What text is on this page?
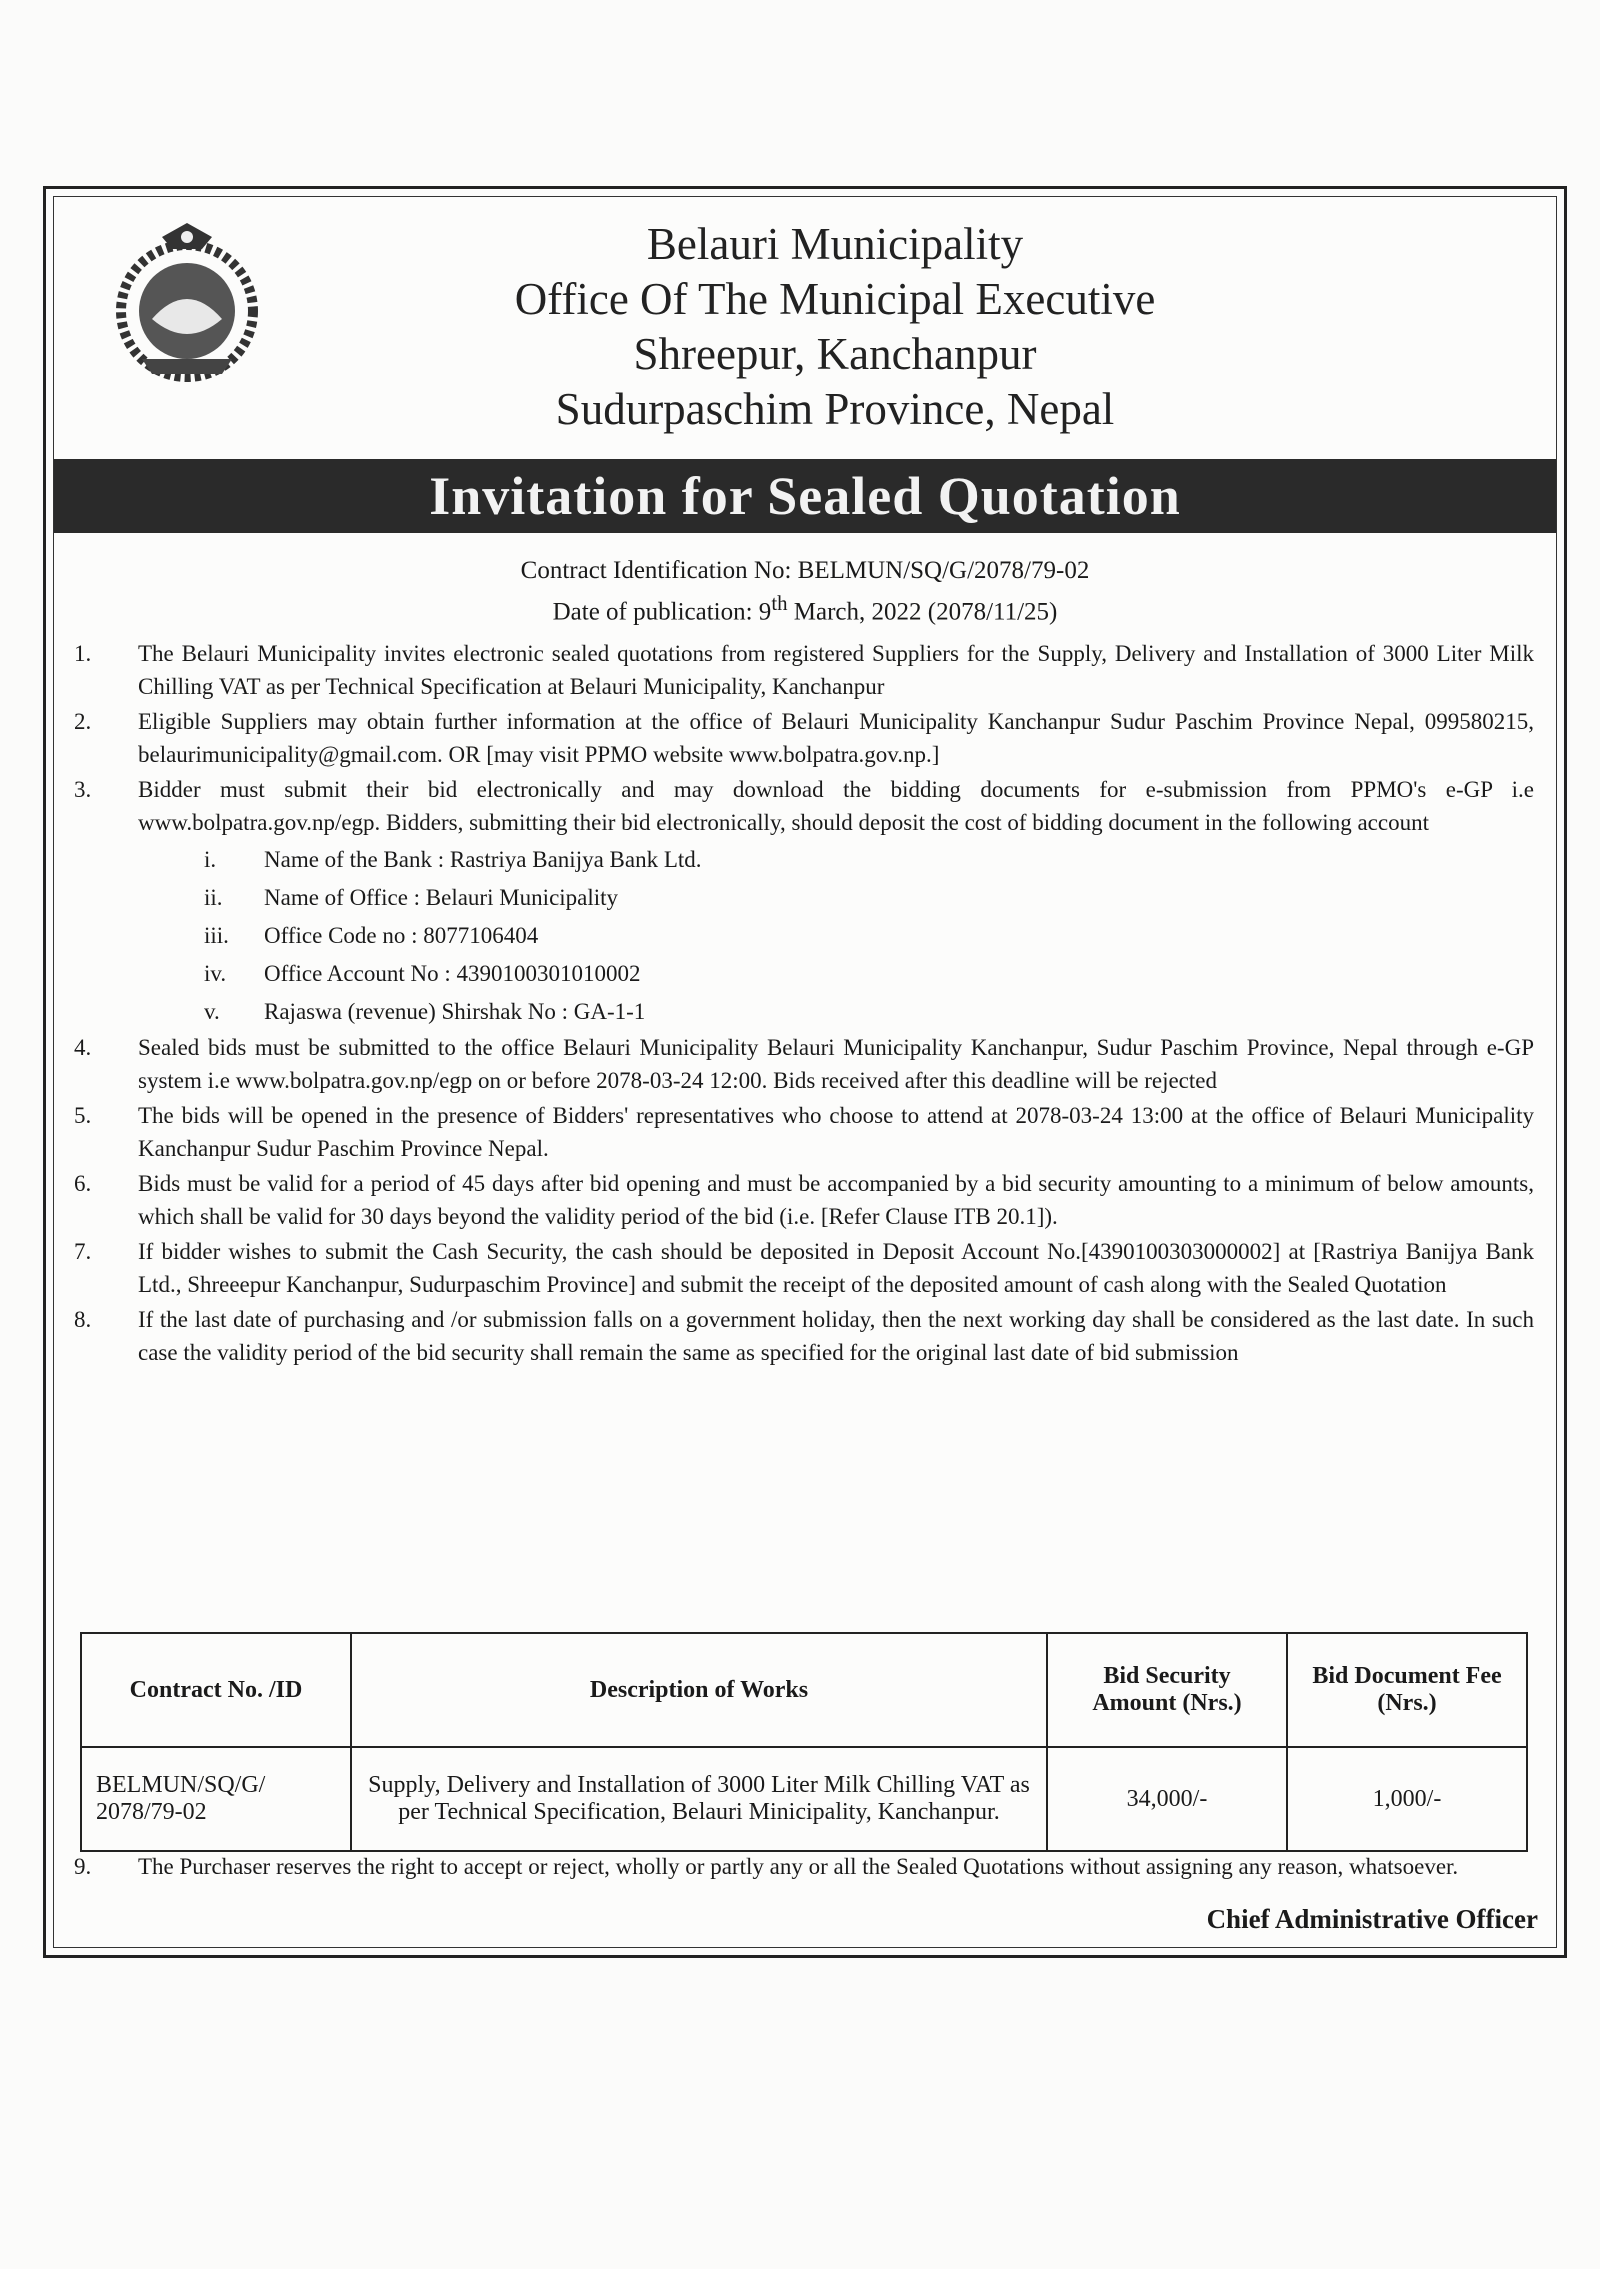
Belauri Municipality
Office Of The Municipal Executive
Shreepur, Kanchanpur
Sudurpaschim Province, Nepal
Invitation for Sealed Quotation
Contract Identification No: BELMUN/SQ/G/2078/79-02
Date of publication: 9th March, 2022 (2078/11/25)
1.	The Belauri Municipality invites electronic sealed quotations from registered Suppliers for the Supply, Delivery and Installation of 3000 Liter Milk Chilling VAT as per Technical Specification at Belauri Municipality, Kanchanpur
2.	Eligible Suppliers may obtain further information at the office of Belauri Municipality Kanchanpur Sudur Paschim Province Nepal, 099580215, belaurimunicipality@gmail.com. OR [may visit PPMO website www.bolpatra.gov.np.]
3.	Bidder must submit their bid electronically and may download the bidding documents for e-submission from PPMO's e-GP i.e www.bolpatra.gov.np/egp. Bidders, submitting their bid electronically, should deposit the cost of bidding document in the following account
i.	Name of the Bank : Rastriya Banijya Bank Ltd.
ii.	Name of Office : Belauri Municipality
iii.	Office Code no : 8077106404
iv.	Office Account No : 4390100301010002
v.	Rajaswa (revenue) Shirshak No : GA-1-1
4.	Sealed bids must be submitted to the office Belauri Municipality Belauri Municipality Kanchanpur, Sudur Paschim Province, Nepal through e-GP system i.e www.bolpatra.gov.np/egp on or before 2078-03-24 12:00. Bids received after this deadline will be rejected
5.	The bids will be opened in the presence of Bidders' representatives who choose to attend at 2078-03-24 13:00 at the office of Belauri Municipality Kanchanpur Sudur Paschim Province Nepal.
6.	Bids must be valid for a period of 45 days after bid opening and must be accompanied by a bid security amounting to a minimum of below amounts, which shall be valid for 30 days beyond the validity period of the bid (i.e. [Refer Clause ITB 20.1]).
7.	If bidder wishes to submit the Cash Security, the cash should be deposited in Deposit Account No.[4390100303000002] at [Rastriya Banijya Bank Ltd., Shreeepur Kanchanpur, Sudurpaschim Province] and submit the receipt of the deposited amount of cash along with the Sealed Quotation
8.	If the last date of purchasing and /or submission falls on a government holiday, then the next working day shall be considered as the last date. In such case the validity period of the bid security shall remain the same as specified for the original last date of bid submission
Contract No. /ID	Description of Works	Bid Security Amount (Nrs.)	Bid Document Fee (Nrs.)
BELMUN/SQ/G/ 2078/79-02	Supply, Delivery and Installation of 3000 Liter Milk Chilling VAT as per Technical Specification, Belauri Minicipality, Kanchanpur.	34,000/-	1,000/-
9.	The Purchaser reserves the right to accept or reject, wholly or partly any or all the Sealed Quotations without assigning any reason, whatsoever.
Chief Administrative Officer
